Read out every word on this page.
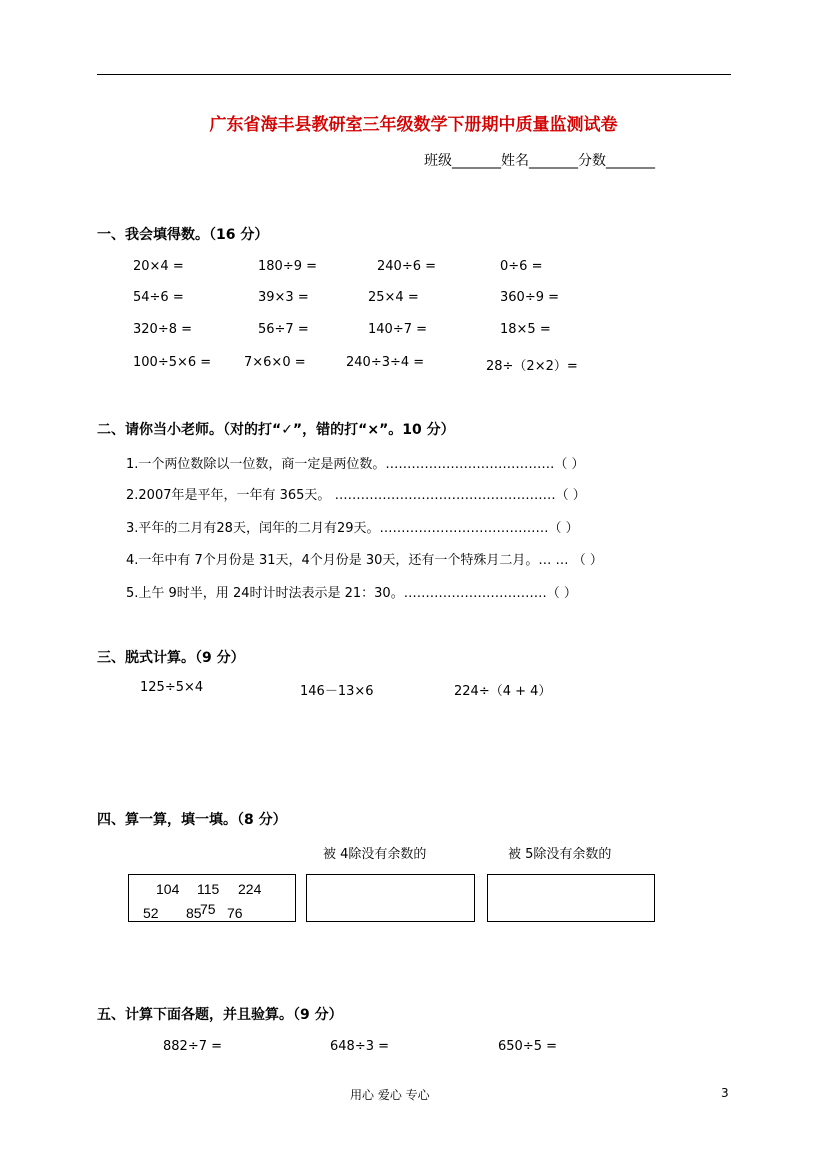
广东省海丰县教研室三年级数学下册期中质量监测试卷
班级_______姓名_______分数_______
一、我会填得数。（16 分）
20×4 =	180÷9 =	240÷6 =	0÷6 =
54÷6 =	39×3 =	25×4 =	360÷9 =
320÷8 =	56÷7 =	140÷7 =	18×5 =
100÷5×6 =	7×6×0 =	240÷3÷4 =	28÷（2×2）=
二、请你当小老师。（对的打“✓”，错的打“×”。10 分）
1.一个两位数除以一位数，商一定是两位数。…………………………………（ ）
2.2007年是平年，一年有 365天。 ……………………………………………（ ）
3.平年的二月有28天，闰年的二月有29天。…………………………………（ ）
4.一年中有 7个月份是 31天，4个月份是 30天，还有一个特殊月二月。… … （ ）
5.上午 9时半，用 24时计时法表示是 21：30。……………………………（ ）
三、脱式计算。（9 分）
125÷5×4	146－13×6	224÷（4 + 4）
四、算一算，填一填。（8 分）
被 4除没有余数的	被 5除没有余数的
104 115 224
52 85
75 76
五、计算下面各题，并且验算。（9 分）
882÷7 =	648÷3 =	650÷5 =
用心 爱心 专心	3
